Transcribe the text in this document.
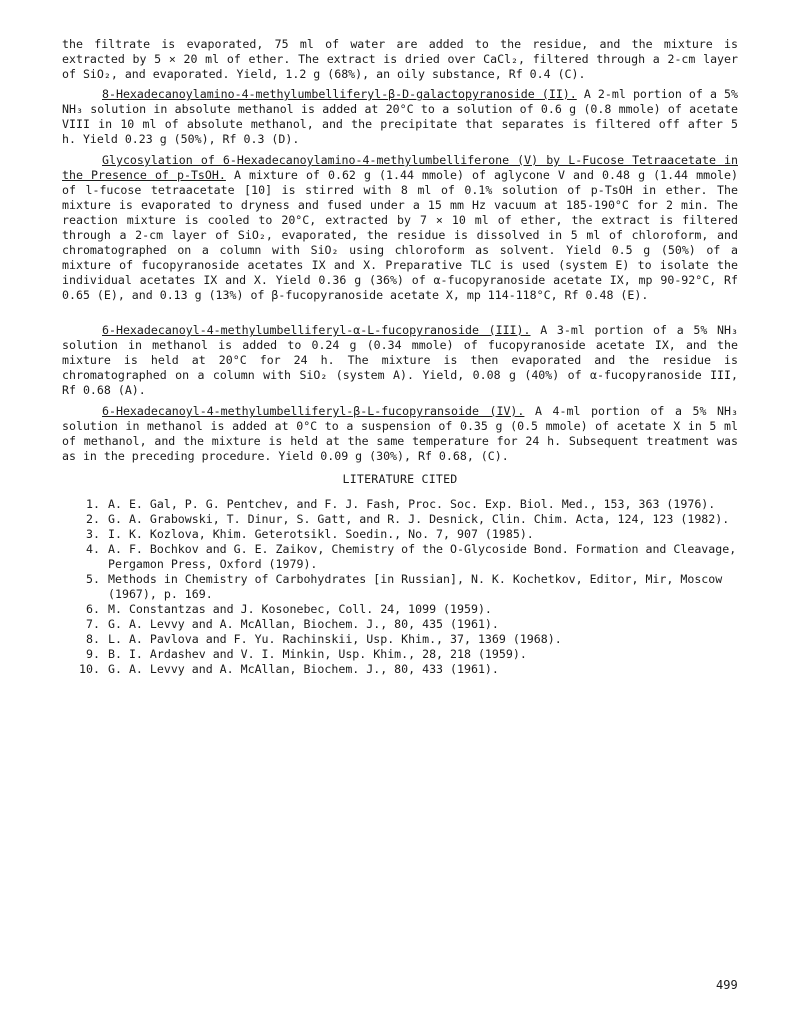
the filtrate is evaporated, 75 ml of water are added to the residue, and the mixture is extracted by 5 × 20 ml of ether. The extract is dried over CaCl₂, filtered through a 2-cm layer of SiO₂, and evaporated. Yield, 1.2 g (68%), an oily substance, Rf 0.4 (C).

8-Hexadecanoylamino-4-methylumbelliferyl-β-D-galactopyranoside (II). A 2-ml portion of a 5% NH₃ solution in absolute methanol is added at 20°C to a solution of 0.6 g (0.8 mmole) of acetate VIII in 10 ml of absolute methanol, and the precipitate that separates is filtered off after 5 h. Yield 0.23 g (50%), Rf 0.3 (D).

Glycosylation of 6-Hexadecanoylamino-4-methylumbelliferone (V) by L-Fucose Tetraacetate in the Presence of p-TsOH. A mixture of 0.62 g (1.44 mmole) of aglycone V and 0.48 g (1.44 mmole) of l-fucose tetraacetate [10] is stirred with 8 ml of 0.1% solution of p-TsOH in ether. The mixture is evaporated to dryness and fused under a 15 mm Hz vacuum at 185-190°C for 2 min. The reaction mixture is cooled to 20°C, extracted by 7 × 10 ml of ether, the extract is filtered through a 2-cm layer of SiO₂, evaporated, the residue is dissolved in 5 ml of chloroform, and chromatographed on a column with SiO₂ using chloroform as solvent. Yield 0.5 g (50%) of a mixture of fucopyranoside acetates IX and X. Preparative TLC is used (system E) to isolate the individual acetates IX and X. Yield 0.36 g (36%) of α-fucopyranoside acetate IX, mp 90-92°C, Rf 0.65 (E), and 0.13 g (13%) of β-fucopyranoside acetate X, mp 114-118°C, Rf 0.48 (E).

6-Hexadecanoyl-4-methylumbelliferyl-α-L-fucopyranoside (III). A 3-ml portion of a 5% NH₃ solution in methanol is added to 0.24 g (0.34 mmole) of fucopyranoside acetate IX, and the mixture is held at 20°C for 24 h. The mixture is then evaporated and the residue is chromatographed on a column with SiO₂ (system A). Yield, 0.08 g (40%) of α-fucopyranoside III, Rf 0.68 (A).

6-Hexadecanoyl-4-methylumbelliferyl-β-L-fucopyransoide (IV). A 4-ml portion of a 5% NH₃ solution in methanol is added at 0°C to a suspension of 0.35 g (0.5 mmole) of acetate X in 5 ml of methanol, and the mixture is held at the same temperature for 24 h. Subsequent treatment was as in the preceding procedure. Yield 0.09 g (30%), Rf 0.68, (C).

LITERATURE CITED

1. A. E. Gal, P. G. Pentchev, and F. J. Fash, Proc. Soc. Exp. Biol. Med., 153, 363 (1976).
2. G. A. Grabowski, T. Dinur, S. Gatt, and R. J. Desnick, Clin. Chim. Acta, 124, 123 (1982).
3. I. K. Kozlova, Khim. Geterotsikl. Soedin., No. 7, 907 (1985).
4. A. F. Bochkov and G. E. Zaikov, Chemistry of the O-Glycoside Bond. Formation and Cleavage, Pergamon Press, Oxford (1979).
5. Methods in Chemistry of Carbohydrates [in Russian], N. K. Kochetkov, Editor, Mir, Moscow (1967), p. 169.
6. M. Constantzas and J. Kosonebec, Coll. 24, 1099 (1959).
7. G. A. Levvy and A. McAllan, Biochem. J., 80, 435 (1961).
8. L. A. Pavlova and F. Yu. Rachinskii, Usp. Khim., 37, 1369 (1968).
9. B. I. Ardashev and V. I. Minkin, Usp. Khim., 28, 218 (1959).
10. G. A. Levvy and A. McAllan, Biochem. J., 80, 433 (1961).
499
